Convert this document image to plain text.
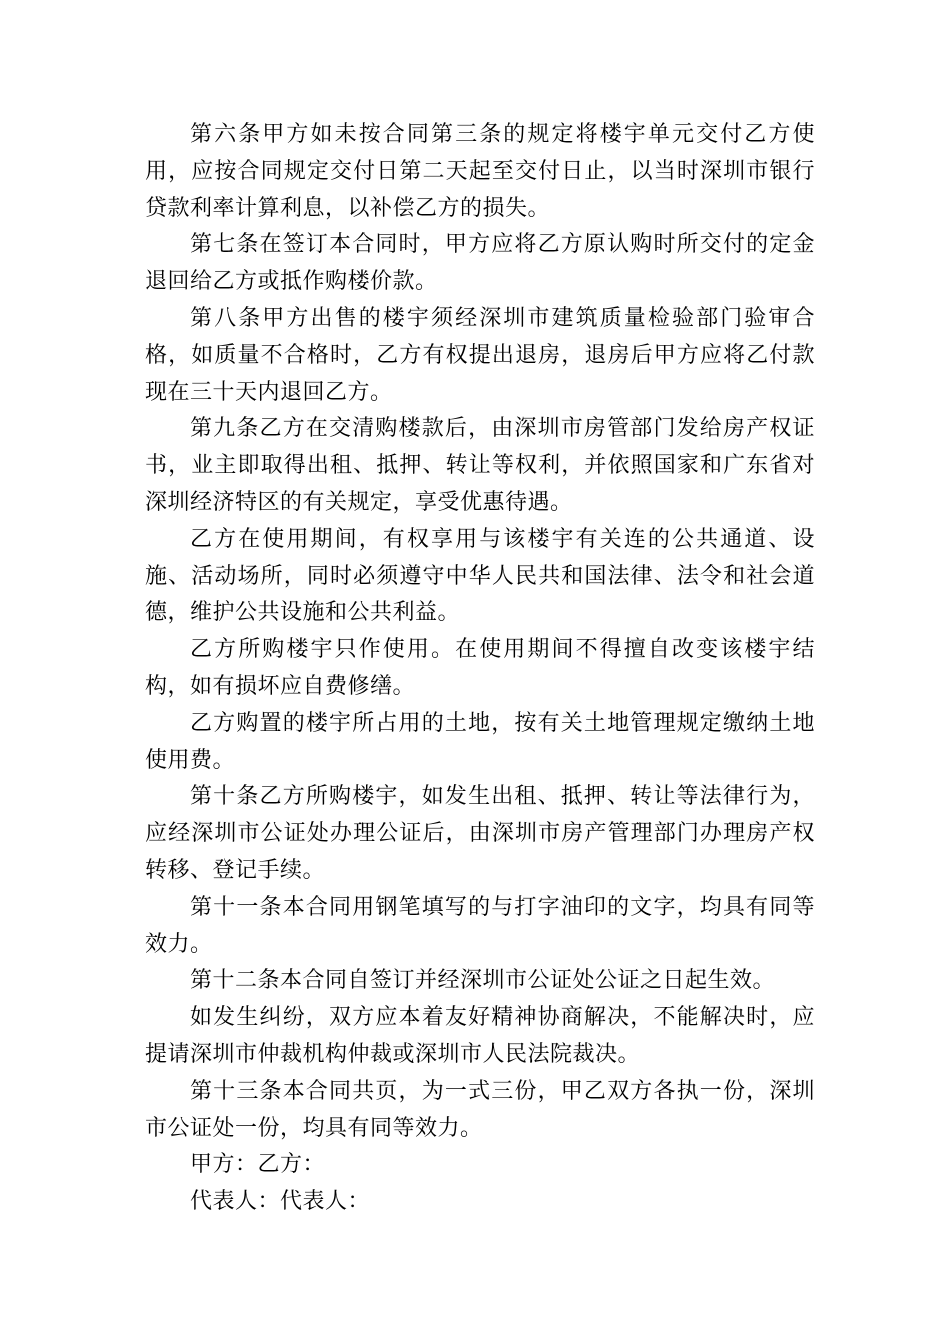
第六条甲方如未按合同第三条的规定将楼宇单元交付乙方使用，应按合同规定交付日第二天起至交付日止，以当时深圳市银行贷款利率计算利息，以补偿乙方的损失。

第七条在签订本合同时，甲方应将乙方原认购时所交付的定金退回给乙方或抵作购楼价款。

第八条甲方出售的楼宇须经深圳市建筑质量检验部门验审合格，如质量不合格时，乙方有权提出退房，退房后甲方应将乙付款现在三十天内退回乙方。

第九条乙方在交清购楼款后，由深圳市房管部门发给房产权证书，业主即取得出租、抵押、转让等权利，并依照国家和广东省对深圳经济特区的有关规定，享受优惠待遇。

乙方在使用期间，有权享用与该楼宇有关连的公共通道、设施、活动场所，同时必须遵守中华人民共和国法律、法令和社会道德，维护公共设施和公共利益。

乙方所购楼宇只作使用。在使用期间不得擅自改变该楼宇结构，如有损坏应自费修缮。

乙方购置的楼宇所占用的土地，按有关土地管理规定缴纳土地使用费。

第十条乙方所购楼宇，如发生出租、抵押、转让等法律行为，应经深圳市公证处办理公证后，由深圳市房产管理部门办理房产权转移、登记手续。

第十一条本合同用钢笔填写的与打字油印的文字，均具有同等效力。

第十二条本合同自签订并经深圳市公证处公证之日起生效。

如发生纠纷，双方应本着友好精神协商解决，不能解决时，应提请深圳市仲裁机构仲裁或深圳市人民法院裁决。

第十三条本合同共页，为一式三份，甲乙双方各执一份，深圳市公证处一份，均具有同等效力。

甲方：乙方：

代表人：代表人：
